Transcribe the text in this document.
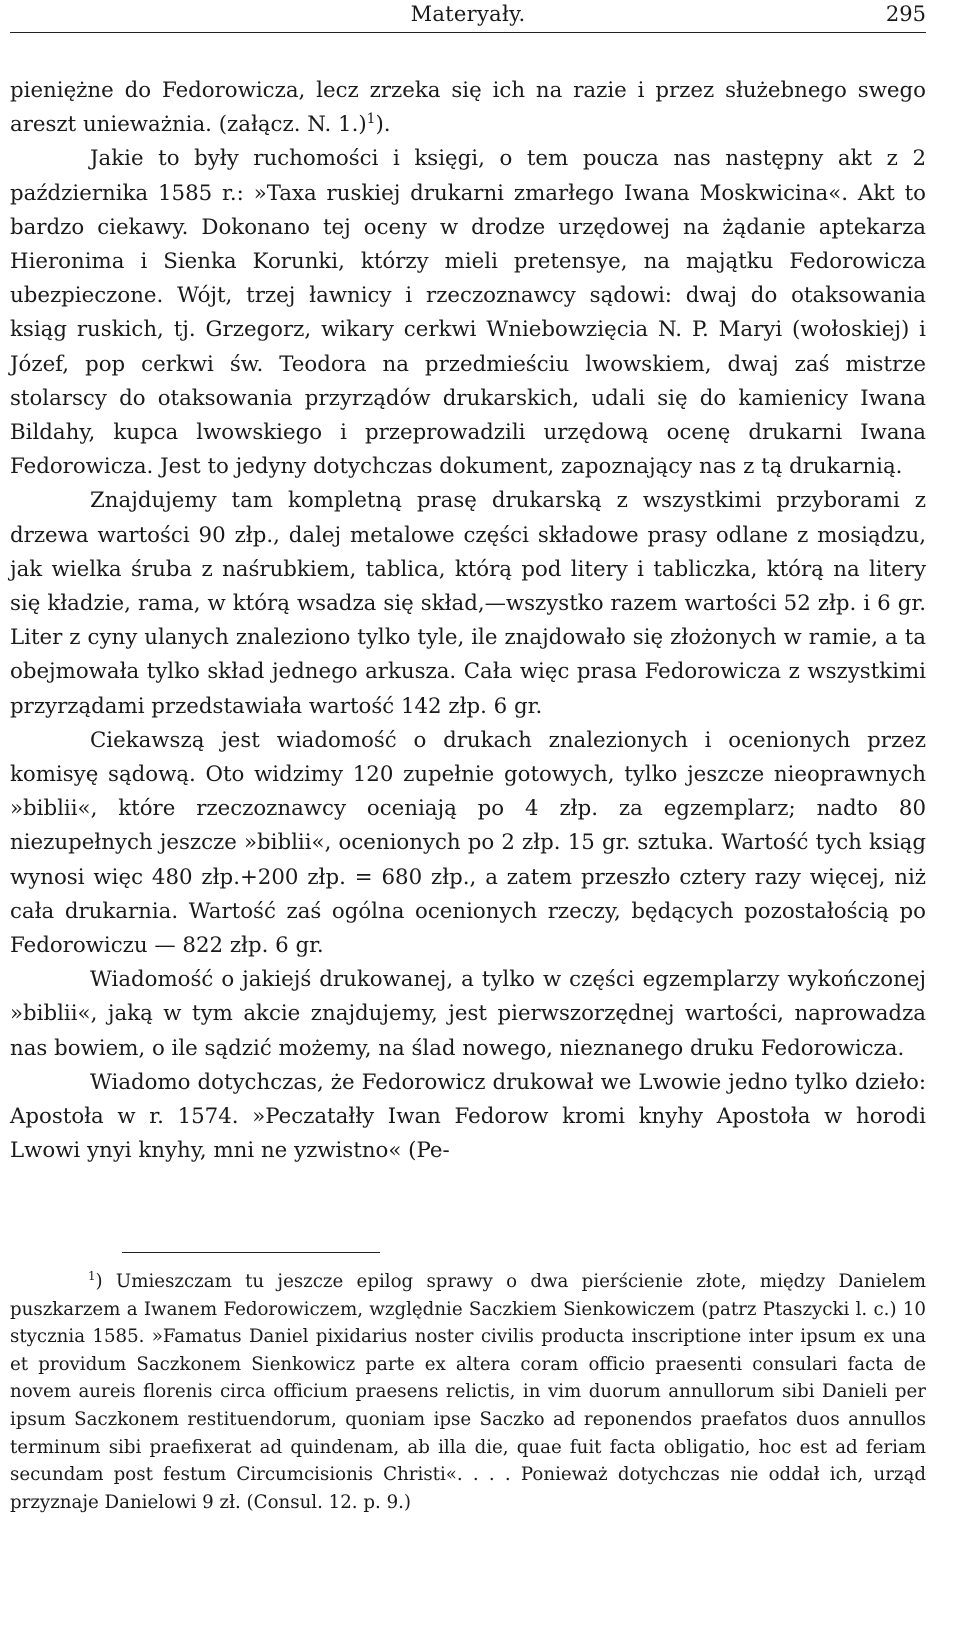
Materyały.	295

pieniężne do Fedorowicza, lecz zrzeka się ich na razie i przez służebnego swego areszt unieważnia. (załącz. N. 1.)$^1$).

Jakie to były ruchomości i księgi, o tem poucza nas następny akt z 2 października 1585 r.: »Taxa ruskiej drukarni zmarłego Iwana Moskwicina«. Akt to bardzo ciekawy. Dokonano tej oceny w drodze urzędowej na żądanie aptekarza Hieronima i Sienka Korunki, którzy mieli pretensye, na majątku Fedorowicza ubezpieczone. Wójt, trzej ławnicy i rzeczoznawcy sądowi: dwaj do otaksowania ksiąg ruskich, tj. Grzegorz, wikary cerkwi Wniebowzięcia N. P. Maryi (wołoskiej) i Józef, pop cerkwi św. Teodora na przedmieściu lwowskiem, dwaj zaś mistrze stolarscy do otaksowania przyrządów drukarskich, udali się do kamienicy Iwana Bildahy, kupca lwowskiego i przeprowadzili urzędową ocenę drukarni Iwana Fedorowicza. Jest to jedyny dotychczas dokument, zapoznający nas z tą drukarnią.

Znajdujemy tam kompletną prasę drukarską z wszystkimi przyborami z drzewa wartości 90 złp., dalej metalowe części składowe prasy odlane z mosiądzu, jak wielka śruba z naśrubkiem, tablica, którą pod litery i tabliczka, którą na litery się kładzie, rama, w którą wsadza się skład,—wszystko razem wartości 52 złp. i 6 gr. Liter z cyny ulanych znaleziono tylko tyle, ile znajdowało się złożonych w ramie, a ta obejmowała tylko skład jednego arkusza. Cała więc prasa Fedorowicza z wszystkimi przyrządami przedstawiała wartość 142 złp. 6 gr.

Ciekawszą jest wiadomość o drukach znalezionych i ocenionych przez komisyę sądową. Oto widzimy 120 zupełnie gotowych, tylko jeszcze nieoprawnych »biblii«, które rzeczoznawcy oceniają po 4 złp. za egzemplarz; nadto 80 niezupełnych jeszcze »biblii«, ocenionych po 2 złp. 15 gr. sztuka. Wartość tych ksiąg wynosi więc 480 złp.+200 złp. = 680 złp., a zatem przeszło cztery razy więcej, niż cała drukarnia. Wartość zaś ogólna ocenionych rzeczy, będących pozostałością po Fedorowiczu — 822 złp. 6 gr.

Wiadomość o jakiejś drukowanej, a tylko w części egzemplarzy wykończonej »biblii«, jaką w tym akcie znajdujemy, jest pierwszorzędnej wartości, naprowadza nas bowiem, o ile sądzić możemy, na ślad nowego, nieznanego druku Fedorowicza.

Wiadomo dotychczas, że Fedorowicz drukował we Lwowie jedno tylko dzieło: Apostoła w r. 1574. »Peczatałły Iwan Fedorow kromi knyhy Apostoła w horodi Lwowi ynyi knyhy, mni ne yzwistno« (Pe-

$^1$) Umieszczam tu jeszcze epilog sprawy o dwa pierścienie złote, między Danielem puszkarzem a Iwanem Fedorowiczem, względnie Saczkiem Sienkowiczem (patrz Ptaszycki l. c.) 10 stycznia 1585. »Famatus Daniel pixidarius noster civilis producta inscriptione inter ipsum ex una et providum Saczkonem Sienkowicz parte ex altera coram officio praesenti consulari facta de novem aureis florenis circa officium praesens relictis, in vim duorum annullorum sibi Danieli per ipsum Saczkonem restituendorum, quoniam ipse Saczko ad reponendos praefatos duos annullos terminum sibi praefixerat ad quindenam, ab illa die, quae fuit facta obligatio, hoc est ad feriam secundam post festum Circumcisionis Christi«. . . . Ponieważ dotychczas nie oddał ich, urząd przyznaje Danielowi 9 zł. (Consul. 12. p. 9.)
